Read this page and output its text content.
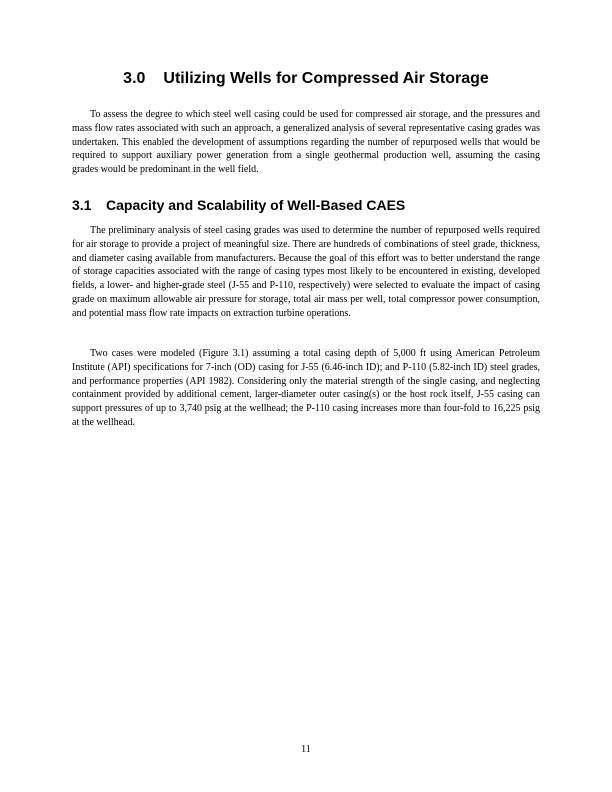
3.0 Utilizing Wells for Compressed Air Storage

To assess the degree to which steel well casing could be used for compressed air storage, and the pressures and mass flow rates associated with such an approach, a generalized analysis of several representative casing grades was undertaken. This enabled the development of assumptions regarding the number of repurposed wells that would be required to support auxiliary power generation from a single geothermal production well, assuming the casing grades would be predominant in the well field.

3.1 Capacity and Scalability of Well-Based CAES

The preliminary analysis of steel casing grades was used to determine the number of repurposed wells required for air storage to provide a project of meaningful size. There are hundreds of combinations of steel grade, thickness, and diameter casing available from manufacturers. Because the goal of this effort was to better understand the range of storage capacities associated with the range of casing types most likely to be encountered in existing, developed fields, a lower- and higher-grade steel (J-55 and P-110, respectively) were selected to evaluate the impact of casing grade on maximum allowable air pressure for storage, total air mass per well, total compressor power consumption, and potential mass flow rate impacts on extraction turbine operations.

Two cases were modeled (Figure 3.1) assuming a total casing depth of 5,000 ft using American Petroleum Institute (API) specifications for 7-inch (OD) casing for J-55 (6.46-inch ID); and P-110 (5.82-inch ID) steel grades, and performance properties (API 1982). Considering only the material strength of the single casing, and neglecting containment provided by additional cement, larger-diameter outer casing(s) or the host rock itself, J-55 casing can support pressures of up to 3,740 psig at the wellhead; the P-110 casing increases more than four-fold to 16,225 psig at the wellhead.

11
